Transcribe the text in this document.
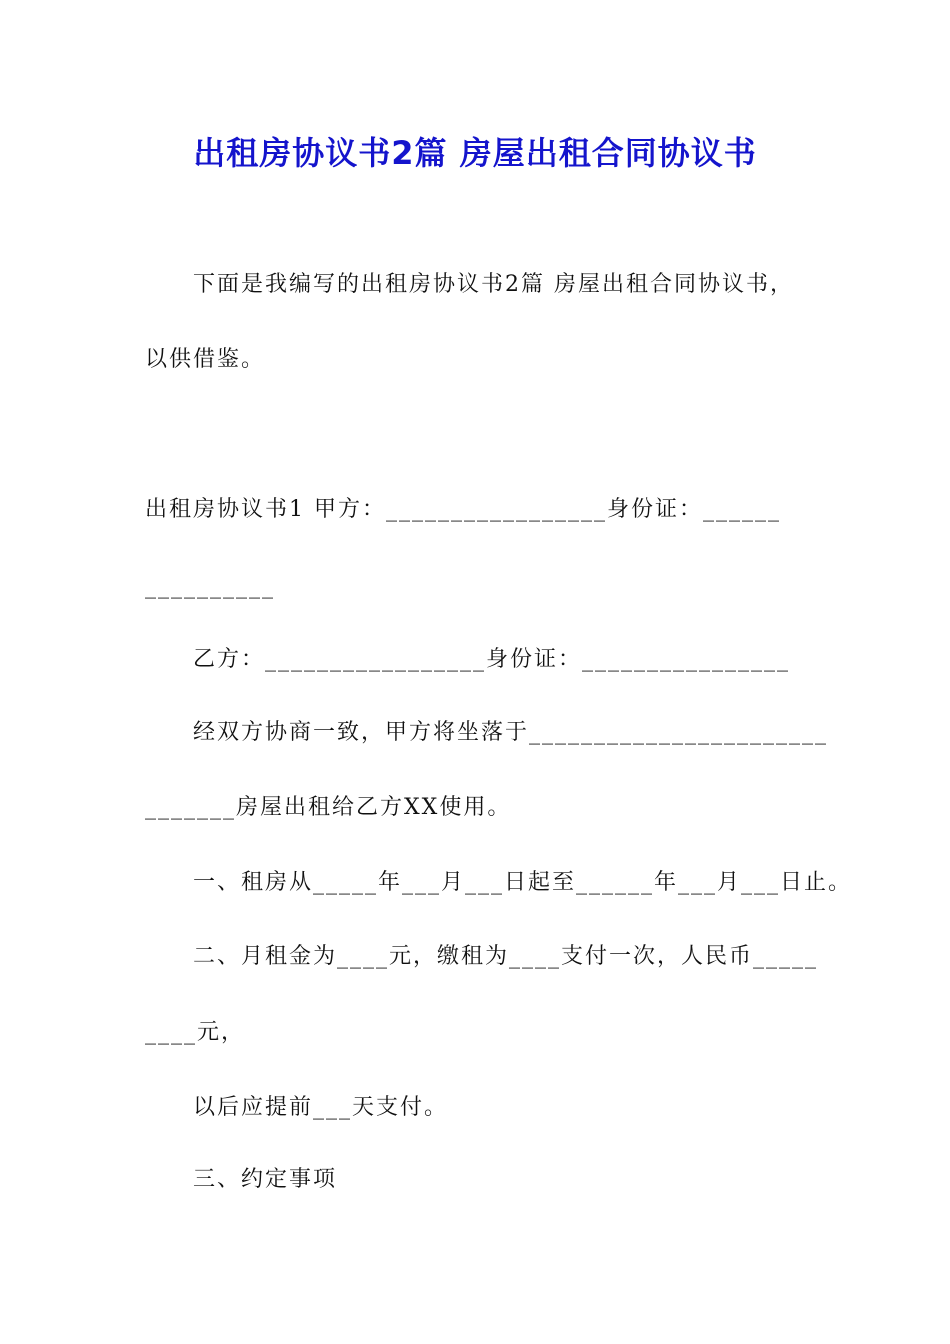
出租房协议书2篇 房屋出租合同协议书
下面是我编写的出租房协议书2篇 房屋出租合同协议书，
以供借鉴。
出租房协议书1 甲方：_________________身份证：______
__________
乙方：_________________身份证：________________
经双方协商一致，甲方将坐落于_______________________
_______房屋出租给乙方XX使用。
一、租房从_____年___月___日起至______年___月___日止。
二、月租金为____元，缴租为____支付一次，人民币_____
____元，
以后应提前___天支付。
三、约定事项
